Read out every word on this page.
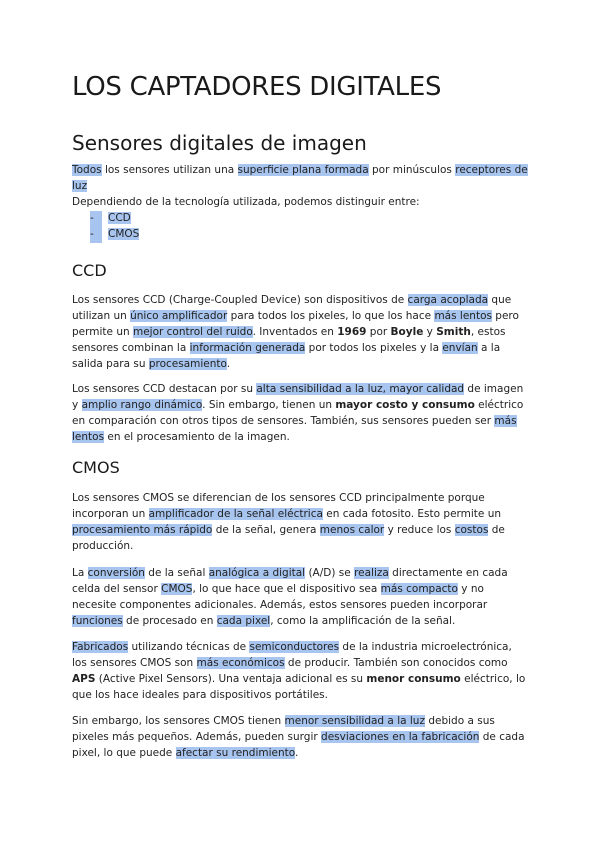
LOS CAPTADORES DIGITALES
Sensores digitales de imagen

Todos los sensores utilizan una superficie plana formada por minúsculos receptores de luz

Dependiendo de la tecnología utilizada, podemos distinguir entre:

-	CCD
-	CMOS
CCD

Los sensores CCD (Charge-Coupled Device) son dispositivos de carga acoplada que utilizan un único amplificador para todos los pixeles, lo que los hace más lentos pero permite un mejor control del ruido. Inventados en 1969 por Boyle y Smith, estos sensores combinan la información generada por todos los pixeles y la envían a la salida para su procesamiento.

Los sensores CCD destacan por su alta sensibilidad a la luz, mayor calidad de imagen y amplio rango dinámico. Sin embargo, tienen un mayor costo y consumo eléctrico en comparación con otros tipos de sensores. También, sus sensores pueden ser más lentos en el procesamiento de la imagen.

CMOS

Los sensores CMOS se diferencian de los sensores CCD principalmente porque incorporan un amplificador de la señal eléctrica en cada fotosito. Esto permite un procesamiento más rápido de la señal, genera menos calor y reduce los costos de producción.

La conversión de la señal analógica a digital (A/D) se realiza directamente en cada celda del sensor CMOS, lo que hace que el dispositivo sea más compacto y no necesite componentes adicionales. Además, estos sensores pueden incorporar funciones de procesado en cada pixel, como la amplificación de la señal.

Fabricados utilizando técnicas de semiconductores de la industria microelectrónica, los sensores CMOS son más económicos de producir. También son conocidos como APS (Active Pixel Sensors). Una ventaja adicional es su menor consumo eléctrico, lo que los hace ideales para dispositivos portátiles.

Sin embargo, los sensores CMOS tienen menor sensibilidad a la luz debido a sus pixeles más pequeños. Además, pueden surgir desviaciones en la fabricación de cada pixel, lo que puede afectar su rendimiento.
